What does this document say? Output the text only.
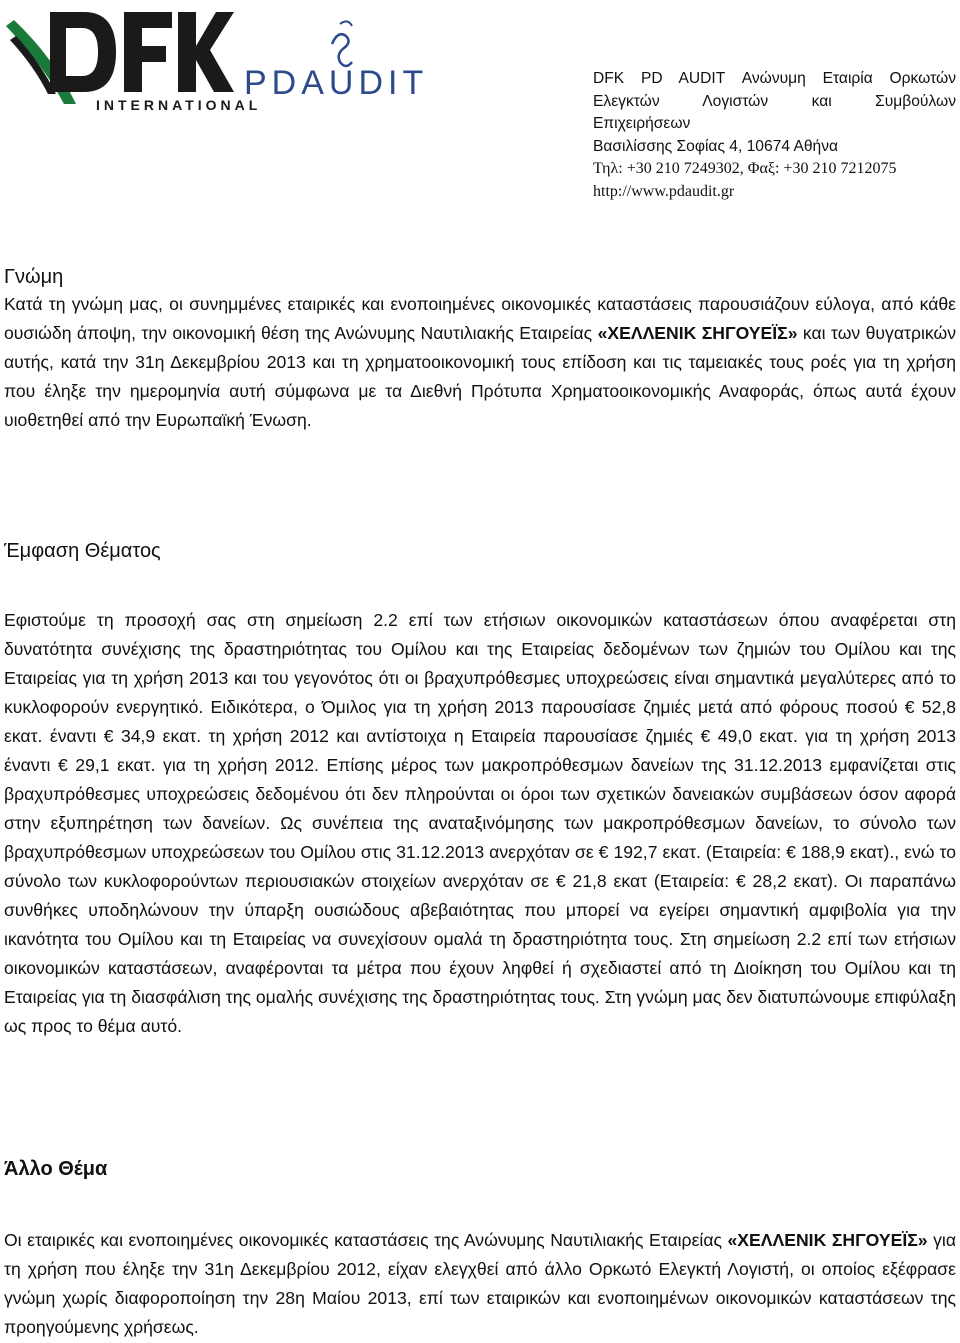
INTERNATIONAL
PDAUDIT	DFK PD AUDIT Ανώνυμη Εταιρία Ορκωτών
Ελεγκτών Λογιστών και Συμβούλων
Επιχειρήσεων
Βασιλίσσης Σοφίας 4, 10674 Αθήνα
Τηλ: +30 210 7249302, Φαξ: +30 210 7212075
http://www.pdaudit.gr
Γνώμη

Κατά τη γνώμη μας, οι συνημμένες εταιρικές και ενοποιημένες οικονομικές καταστάσεις παρουσιάζουν εύλογα, από κάθε ουσιώδη άποψη, την οικονομική θέση της Ανώνυμης Ναυτιλιακής Εταιρείας «ΧΕΛΛΕΝΙΚ ΣΗΓΟΥΕΪΣ» και των θυγατρικών αυτής, κατά την 31η Δεκεμβρίου 2013 και τη χρηματοοικονομική τους επίδοση και τις ταμειακές τους ροές για τη χρήση που έληξε την ημερομηνία αυτή σύμφωνα με τα Διεθνή Πρότυπα Χρηματοοικονομικής Αναφοράς, όπως αυτά έχουν υιοθετηθεί από την Ευρωπαϊκή Ένωση.

Έμφαση Θέματος

Εφιστούμε τη προσοχή σας στη σημείωση 2.2 επί των ετήσιων οικονομικών καταστάσεων όπου αναφέρεται στη δυνατότητα συνέχισης της δραστηριότητας του Ομίλου και της Εταιρείας δεδομένων των ζημιών του Ομίλου και της Εταιρείας για τη χρήση 2013 και του γεγονότος ότι οι βραχυπρόθεσμες υποχρεώσεις είναι σημαντικά μεγαλύτερες από το κυκλοφορούν ενεργητικό. Ειδικότερα, ο Όμιλος για τη χρήση 2013 παρουσίασε ζημιές μετά από φόρους ποσού € 52,8 εκατ. έναντι € 34,9 εκατ. τη χρήση 2012 και αντίστοιχα η Εταιρεία παρουσίασε ζημιές € 49,0 εκατ. για τη χρήση 2013 έναντι € 29,1 εκατ. για τη χρήση 2012. Επίσης μέρος των μακροπρόθεσμων δανείων της 31.12.2013 εμφανίζεται στις βραχυπρόθεσμες υποχρεώσεις δεδομένου ότι δεν πληρούνται οι όροι των σχετικών δανειακών συμβάσεων όσον αφορά στην εξυπηρέτηση των δανείων. Ως συνέπεια της αναταξινόμησης των μακροπρόθεσμων δανείων, το σύνολο των βραχυπρόθεσμων υποχρεώσεων του Ομίλου στις 31.12.2013 ανερχόταν σε € 192,7 εκατ. (Εταιρεία: € 188,9 εκατ)., ενώ το σύνολο των κυκλοφορούντων περιουσιακών στοιχείων ανερχόταν σε € 21,8 εκατ (Εταιρεία: € 28,2 εκατ). Οι παραπάνω συνθήκες υποδηλώνουν την ύπαρξη ουσιώδους αβεβαιότητας που μπορεί να εγείρει σημαντική αμφιβολία για την ικανότητα του Ομίλου και τη Εταιρείας να συνεχίσουν ομαλά τη δραστηριότητα τους. Στη σημείωση 2.2 επί των ετήσιων οικονομικών καταστάσεων, αναφέρονται τα μέτρα που έχουν ληφθεί ή σχεδιαστεί από τη Διοίκηση του Ομίλου και τη Εταιρείας για τη διασφάλιση της ομαλής συνέχισης της δραστηριότητας τους. Στη γνώμη μας δεν διατυπώνουμε επιφύλαξη ως προς το θέμα αυτό.

Άλλο Θέμα

Οι εταιρικές και ενοποιημένες οικονομικές καταστάσεις της Ανώνυμης Ναυτιλιακής Εταιρείας «ΧΕΛΛΕΝΙΚ ΣΗΓΟΥΕΪΣ» για τη χρήση που έληξε την 31η Δεκεμβρίου 2012, είχαν ελεγχθεί από άλλο Ορκωτό Ελεγκτή Λογιστή, οι οποίος εξέφρασε γνώμη χωρίς διαφοροποίηση την 28η Μαίου 2013, επί των εταιρικών και ενοποιημένων οικονομικών καταστάσεων της προηγούμενης χρήσεως.
